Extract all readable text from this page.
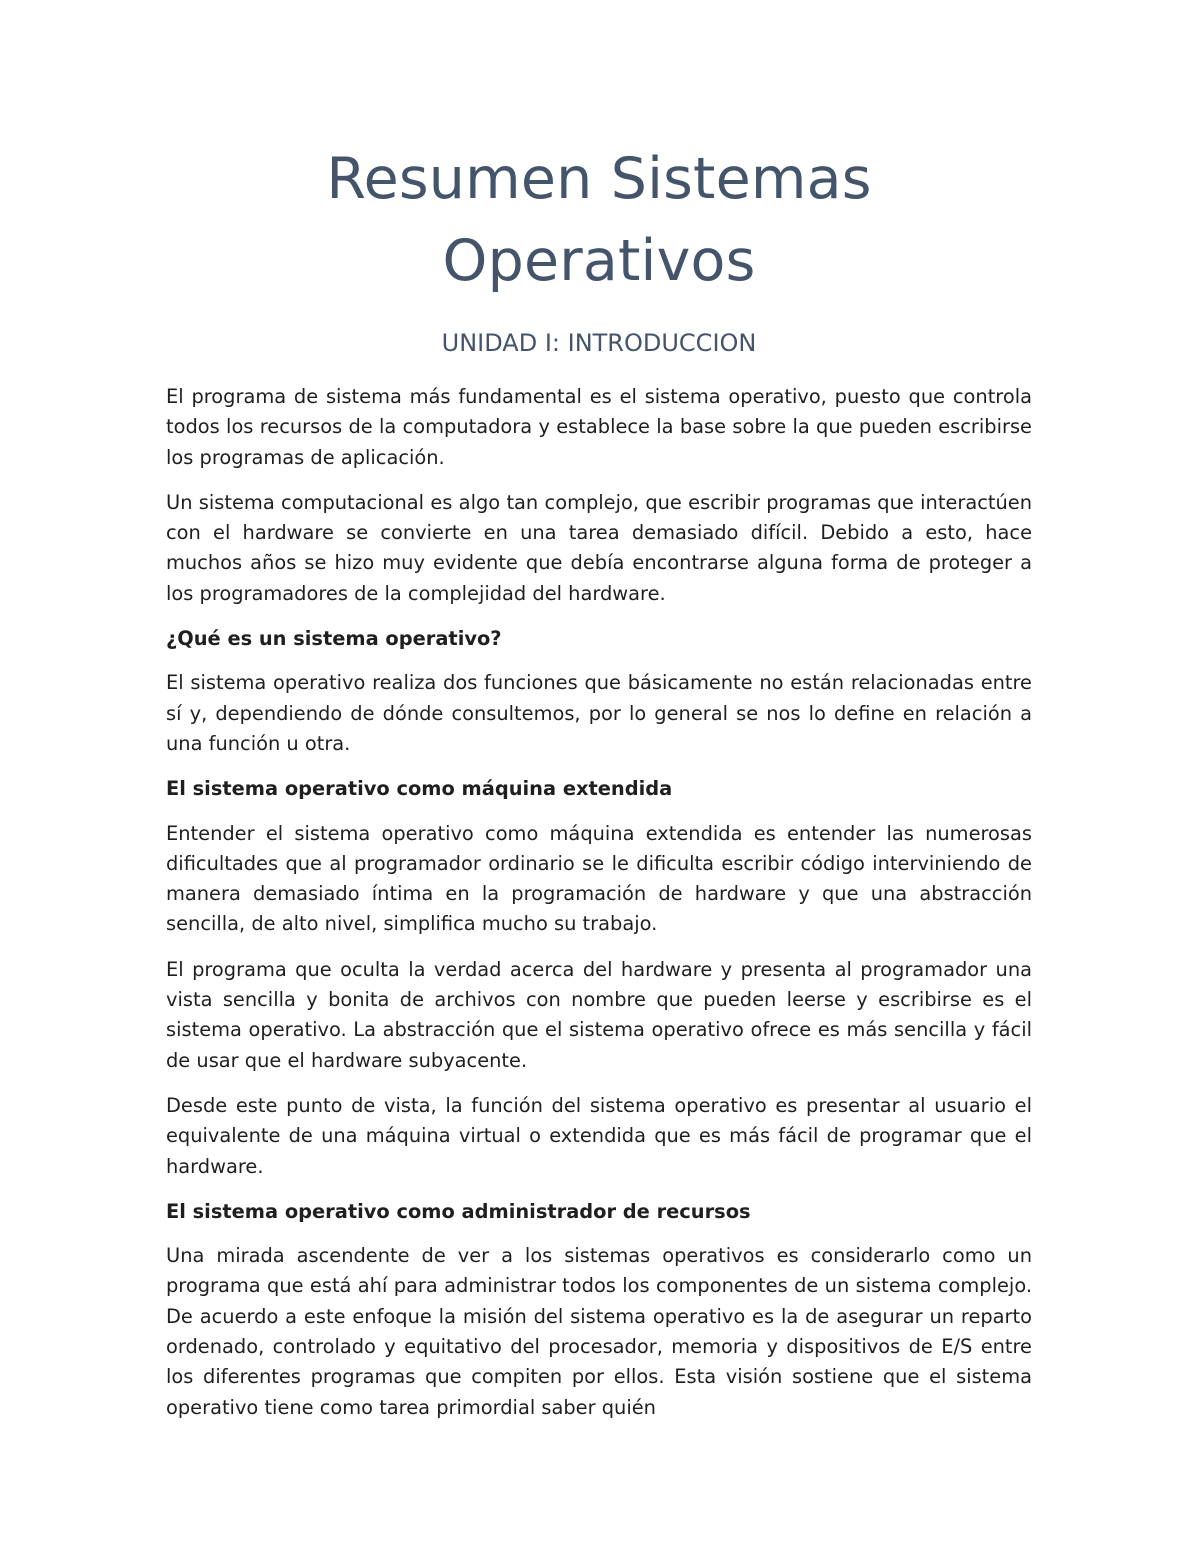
Resumen Sistemas
Operativos
UNIDAD I: INTRODUCCION

El programa de sistema más fundamental es el sistema operativo, puesto que controla todos los recursos de la computadora y establece la base sobre la que pueden escribirse los programas de aplicación.

Un sistema computacional es algo tan complejo, que escribir programas que interactúen con el hardware se convierte en una tarea demasiado difícil. Debido a esto, hace muchos años se hizo muy evidente que debía encontrarse alguna forma de proteger a los programadores de la complejidad del hardware.

¿Qué es un sistema operativo?

El sistema operativo realiza dos funciones que básicamente no están relacionadas entre sí y, dependiendo de dónde consultemos, por lo general se nos lo define en relación a una función u otra.

El sistema operativo como máquina extendida

Entender el sistema operativo como máquina extendida es entender las numerosas dificultades que al programador ordinario se le dificulta escribir código interviniendo de manera demasiado íntima en la programación de hardware y que una abstracción sencilla, de alto nivel, simplifica mucho su trabajo.

El programa que oculta la verdad acerca del hardware y presenta al programador una vista sencilla y bonita de archivos con nombre que pueden leerse y escribirse es el sistema operativo. La abstracción que el sistema operativo ofrece es más sencilla y fácil de usar que el hardware subyacente.

Desde este punto de vista, la función del sistema operativo es presentar al usuario el equivalente de una máquina virtual o extendida que es más fácil de programar que el hardware.

El sistema operativo como administrador de recursos

Una mirada ascendente de ver a los sistemas operativos es considerarlo como un programa que está ahí para administrar todos los componentes de un sistema complejo. De acuerdo a este enfoque la misión del sistema operativo es la de asegurar un reparto ordenado, controlado y equitativo del procesador, memoria y dispositivos de E/S entre los diferentes programas que compiten por ellos. Esta visión sostiene que el sistema operativo tiene como tarea primordial saber quién
